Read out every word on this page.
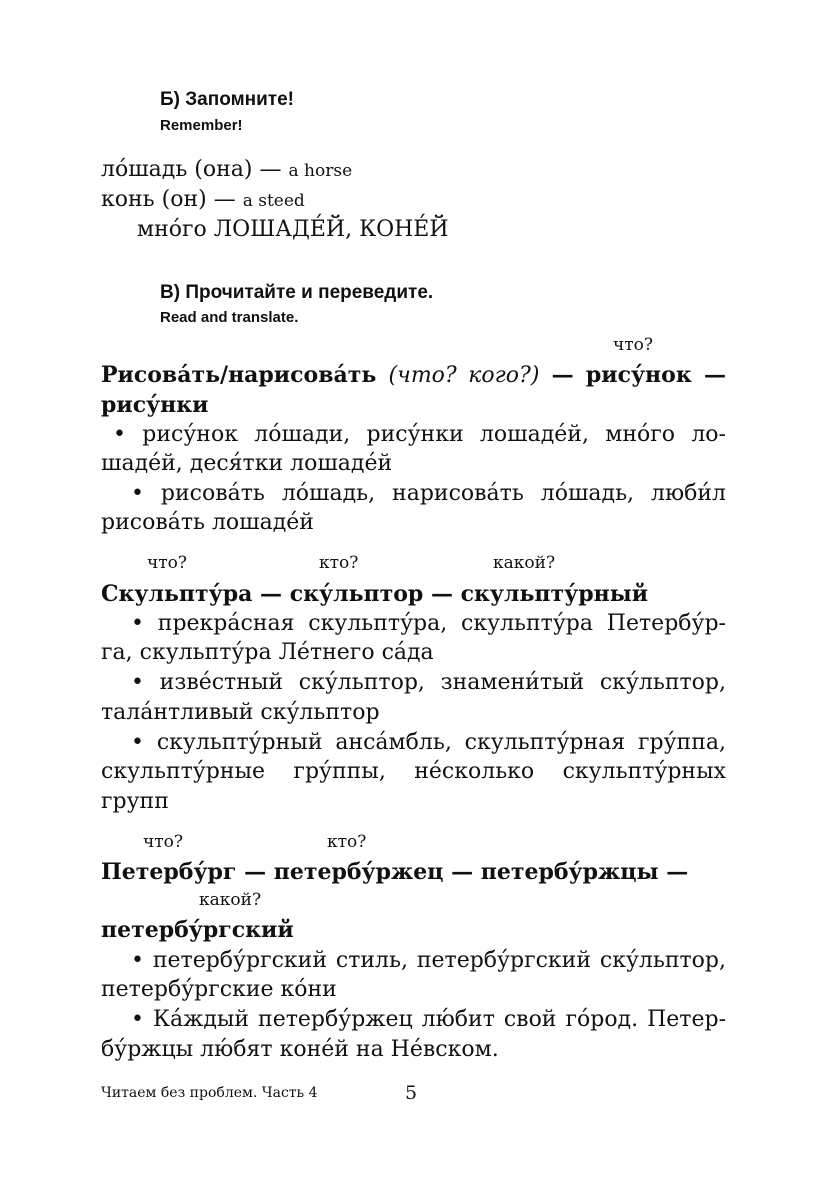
Б) Запомните!
Remember!
ло́шадь (она) — a horse
конь (он) — a steed
мно́го ЛОШАДЕ́Й, КОНЕ́Й
В) Прочитайте и переведите.
Read and translate.
что?
Рисова́ть/нарисова́ть (что? кого?) — рису́нок —
рису́нки
• рису́нок ло́шади, рису́нки лошаде́й, мно́го ло-
шаде́й, деся́тки лошаде́й
• рисова́ть ло́шадь, нарисова́ть ло́шадь, люби́л
рисова́ть лошаде́й
что?	кто?	какой?
Скульпту́ра — ску́льптор — скульпту́рный
• прекра́сная скульпту́ра, скульпту́ра Петербу́р-
га, скульпту́ра Ле́тнего са́да
• изве́стный ску́льптор, знамени́тый ску́льптор,
тала́нтливый ску́льптор
• скульпту́рный анса́мбль, скульпту́рная гру́ппа,
скульпту́рные гру́ппы, не́сколько скульпту́рных
групп
что?	кто?
Петербу́рг — петербу́ржец — петербу́ржцы —
какой?
петербу́ргский
• петербу́ргский стиль, петербу́ргский ску́льптор,
петербу́ргские ко́ни
• Ка́ждый петербу́ржец лю́бит свой го́род. Петер-
бу́ржцы лю́бят коне́й на Не́вском.
Читаем без проблем. Часть 4	5
